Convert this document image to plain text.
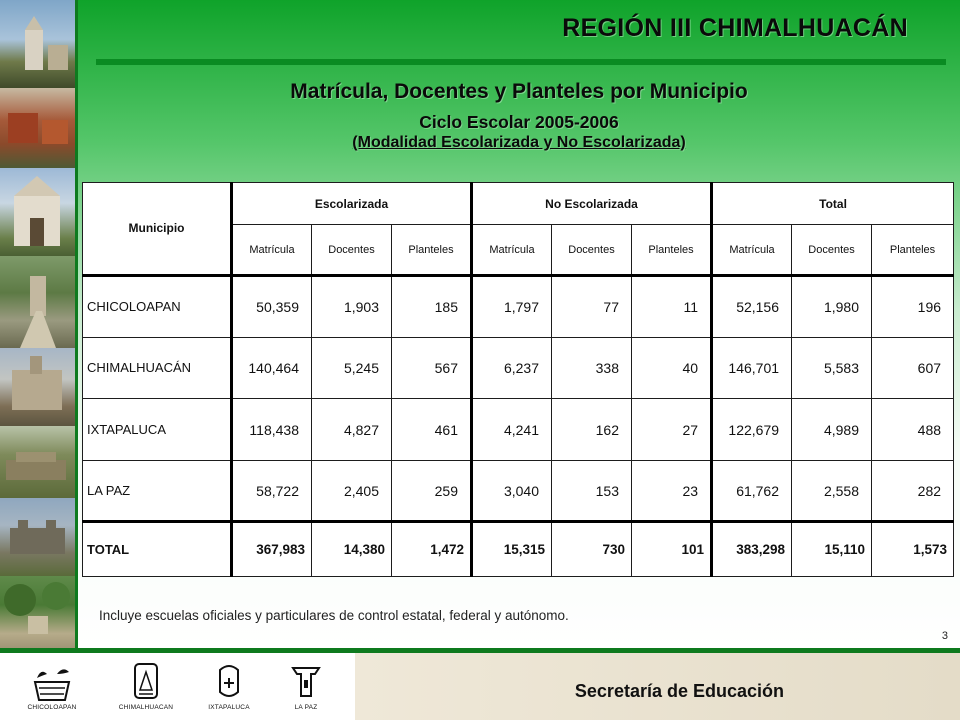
REGIÓN III CHIMALHUACÁN
Matrícula, Docentes y Planteles por Municipio
Ciclo Escolar 2005-2006
(Modalidad Escolarizada y No Escolarizada)
Municipio	Escolarizada			No Escolarizada			Total		
	Matrícula	Docentes	Planteles	Matrícula	Docentes	Planteles	Matrícula	Docentes	Planteles
CHICOLOAPAN	50,359	1,903	185	1,797	77	11	52,156	1,980	196
CHIMALHUACÁN	140,464	5,245	567	6,237	338	40	146,701	5,583	607
IXTAPALUCA	118,438	4,827	461	4,241	162	27	122,679	4,989	488
LA PAZ	58,722	2,405	259	3,040	153	23	61,762	2,558	282
TOTAL	367,983	14,380	1,472	15,315	730	101	383,298	15,110	1,573
Incluye escuelas oficiales y particulares de control estatal, federal y autónomo.
3
Secretaría de Educación
CHICOLOAPAN	CHIMALHUACAN	IXTAPALUCA	LA PAZ
